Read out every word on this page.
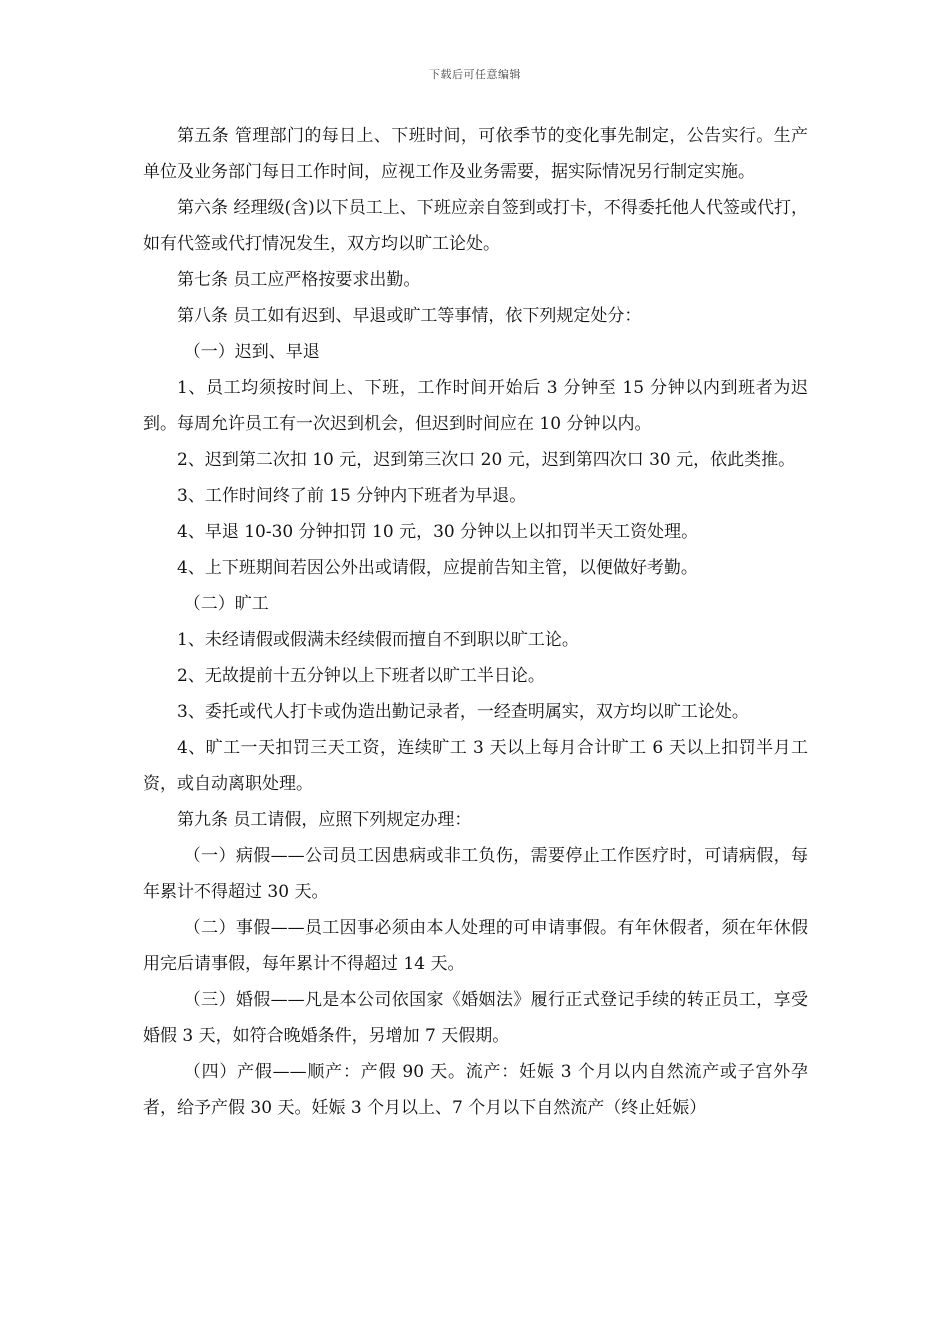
下载后可任意编辑

第五条 管理部门的每日上、下班时间，可依季节的变化事先制定，公告实行。生产单位及业务部门每日工作时间，应视工作及业务需要，据实际情况另行制定实施。

第六条 经理级(含)以下员工上、下班应亲自签到或打卡，不得委托他人代签或代打，如有代签或代打情况发生，双方均以旷工论处。

第七条 员工应严格按要求出勤。

第八条 员工如有迟到、早退或旷工等事情，依下列规定处分：

（一）迟到、早退

1、员工均须按时间上、下班，工作时间开始后 3 分钟至 15 分钟以内到班者为迟到。每周允许员工有一次迟到机会，但迟到时间应在 10 分钟以内。

2、迟到第二次扣 10 元，迟到第三次口 20 元，迟到第四次口 30 元，依此类推。

3、工作时间终了前 15 分钟内下班者为早退。

4、早退 10-30 分钟扣罚 10 元，30 分钟以上以扣罚半天工资处理。

4、上下班期间若因公外出或请假，应提前告知主管，以便做好考勤。

（二）旷工

1、未经请假或假满未经续假而擅自不到职以旷工论。

2、无故提前十五分钟以上下班者以旷工半日论。

3、委托或代人打卡或伪造出勤记录者，一经查明属实，双方均以旷工论处。

4、旷工一天扣罚三天工资，连续旷工 3 天以上每月合计旷工 6 天以上扣罚半月工资，或自动离职处理。

第九条 员工请假，应照下列规定办理：

（一）病假——公司员工因患病或非工负伤，需要停止工作医疗时，可请病假，每年累计不得超过 30 天。

（二）事假——员工因事必须由本人处理的可申请事假。有年休假者，须在年休假用完后请事假，每年累计不得超过 14 天。

（三）婚假——凡是本公司依国家《婚姻法》履行正式登记手续的转正员工，享受婚假 3 天，如符合晚婚条件，另增加 7 天假期。

（四）产假——顺产：产假 90 天。流产：妊娠 3 个月以内自然流产或子宫外孕者，给予产假 30 天。妊娠 3 个月以上、7 个月以下自然流产（终止妊娠）
